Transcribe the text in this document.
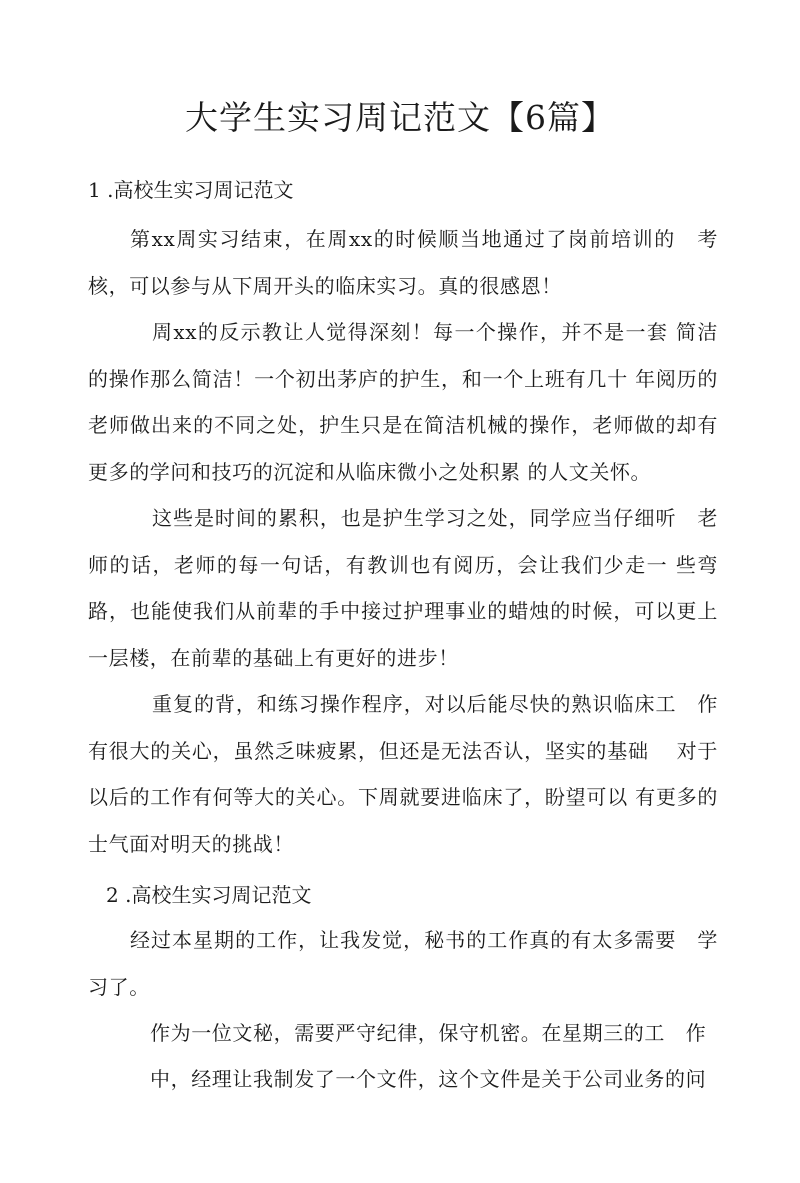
大学生实习周记范文【6篇】
1 .高校生实习周记范文
第xx周实习结束，在周xx的时候顺当地通过了岗前培训的　考核，可以参与从下周开头的临床实习。真的很感恩！
周xx的反示教让人觉得深刻！每一个操作，并不是一套 简洁的操作那么简洁！一个初出茅庐的护生，和一个上班有几十 年阅历的老师做出来的不同之处，护生只是在简洁机械的操作，老师做的却有更多的学问和技巧的沉淀和从临床微小之处积累 的人文关怀。
这些是时间的累积，也是护生学习之处，同学应当仔细听　老师的话，老师的每一句话，有教训也有阅历，会让我们少走一 些弯路，也能使我们从前辈的手中接过护理事业的蜡烛的时候，可以更上一层楼，在前辈的基础上有更好的进步！
重复的背，和练习操作程序，对以后能尽快的熟识临床工　作有很大的关心，虽然乏味疲累，但还是无法否认，坚实的基础　 对于以后的工作有何等大的关心。下周就要进临床了，盼望可以 有更多的士气面对明天的挑战！
2 .高校生实习周记范文
经过本星期的工作，让我发觉，秘书的工作真的有太多需要　学习了。
作为一位文秘，需要严守纪律，保守机密。在星期三的工　作
中，经理让我制发了一个文件，这个文件是关于公司业务的问
